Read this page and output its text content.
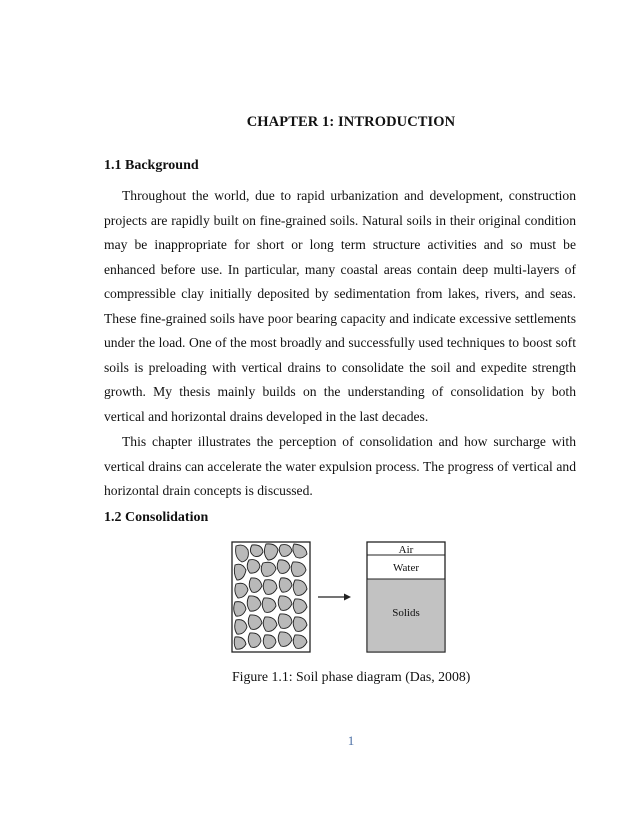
CHAPTER 1: INTRODUCTION
1.1 Background

Throughout the world, due to rapid urbanization and development, construction projects are rapidly built on fine-grained soils. Natural soils in their original condition may be inappropriate for short or long term structure activities and so must be enhanced before use. In particular, many coastal areas contain deep multi-layers of compressible clay initially deposited by sedimentation from lakes, rivers, and seas. These fine-grained soils have poor bearing capacity and indicate excessive settlements under the load. One of the most broadly and successfully used techniques to boost soft soils is preloading with vertical drains to consolidate the soil and expedite strength growth. My thesis mainly builds on the understanding of consolidation by both vertical and horizontal drains developed in the last decades.

This chapter illustrates the perception of consolidation and how surcharge with vertical drains can accelerate the water expulsion process. The progress of vertical and horizontal drain concepts is discussed.

1.2 Consolidation
Air
Water
Solids

Figure 1.1: Soil phase diagram (Das, 2008)

1
